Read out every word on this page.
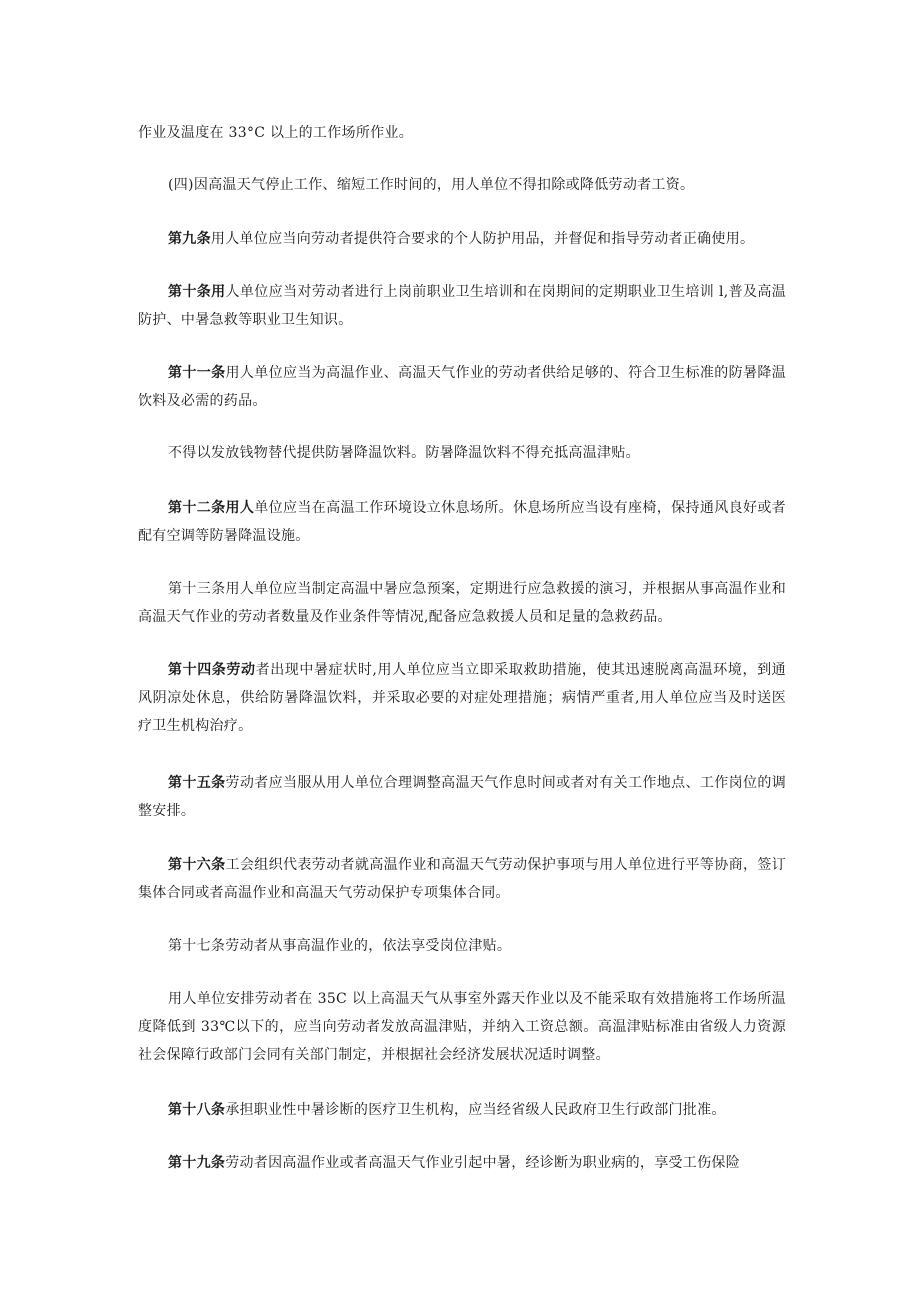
作业及温度在 33°C 以上的工作场所作业。

(四)因高温天气停止工作、缩短工作时间的，用人单位不得扣除或降低劳动者工资。

第九条用人单位应当向劳动者提供符合要求的个人防护用品，并督促和指导劳动者正确使用。

第十条用人单位应当对劳动者进行上岗前职业卫生培训和在岗期间的定期职业卫生培训 l,普及高温防护、中暑急救等职业卫生知识。

第十一条用人单位应当为高温作业、高温天气作业的劳动者供给足够的、符合卫生标准的防暑降温饮料及必需的药品。

不得以发放钱物替代提供防暑降温饮料。防暑降温饮料不得充抵高温津贴。

第十二条用人单位应当在高温工作环境设立休息场所。休息场所应当设有座椅，保持通风良好或者配有空调等防暑降温设施。

第十三条用人单位应当制定高温中暑应急预案，定期进行应急救援的演习，并根据从事高温作业和高温天气作业的劳动者数量及作业条件等情况,配备应急救援人员和足量的急救药品。

第十四条劳动者出现中暑症状时,用人单位应当立即采取救助措施，使其迅速脱离高温环境，到通风阴凉处休息，供给防暑降温饮料，并采取必要的对症处理措施；病情严重者,用人单位应当及时送医疗卫生机构治疗。

第十五条劳动者应当服从用人单位合理调整高温天气作息时间或者对有关工作地点、工作岗位的调整安排。

第十六条工会组织代表劳动者就高温作业和高温天气劳动保护事项与用人单位进行平等协商，签订集体合同或者高温作业和高温天气劳动保护专项集体合同。

第十七条劳动者从事高温作业的，依法享受岗位津贴。

用人单位安排劳动者在 35C 以上高温天气从事室外露天作业以及不能采取有效措施将工作场所温度降低到 33℃以下的，应当向劳动者发放高温津贴，并纳入工资总额。高温津贴标准由省级人力资源社会保障行政部门会同有关部门制定，并根据社会经济发展状况适时调整。

第十八条承担职业性中暑诊断的医疗卫生机构，应当经省级人民政府卫生行政部门批准。

第十九条劳动者因高温作业或者高温天气作业引起中暑，经诊断为职业病的，享受工伤保险
